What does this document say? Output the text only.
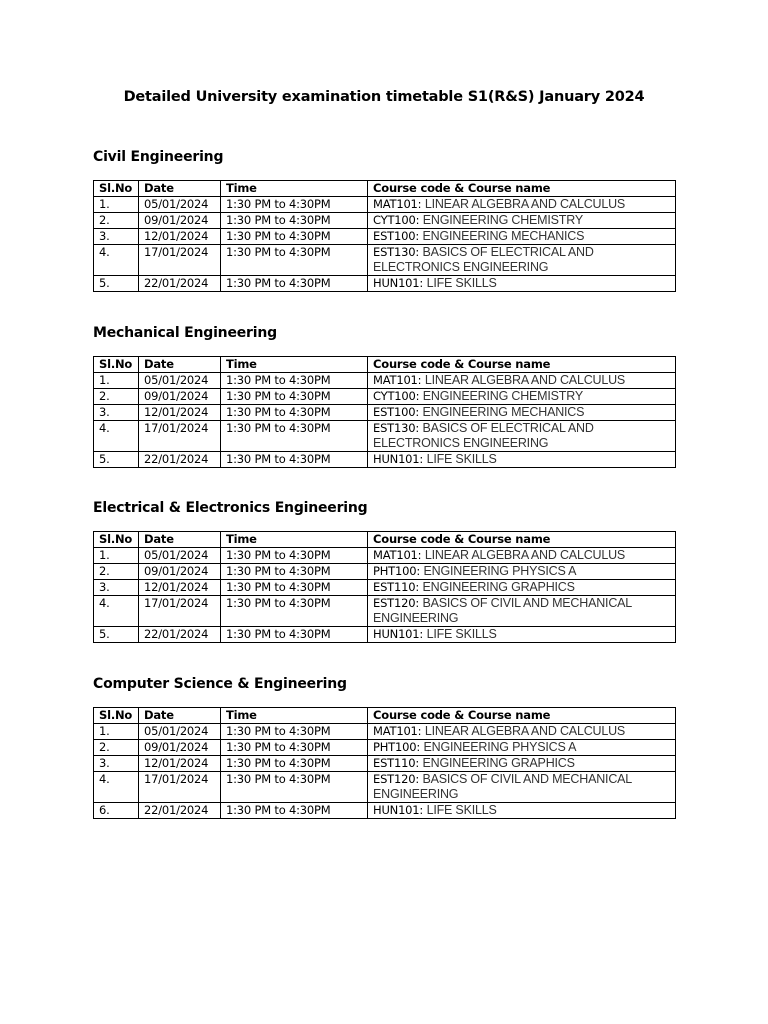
Detailed University examination timetable S1(R&S) January 2024
Civil Engineering
Sl.No	Date	Time	Course code & Course name
1.	05/01/2024	1:30 PM to 4:30PM	MAT101: LINEAR ALGEBRA AND CALCULUS
2.	09/01/2024	1:30 PM to 4:30PM	CYT100: ENGINEERING CHEMISTRY
3.	12/01/2024	1:30 PM to 4:30PM	EST100: ENGINEERING MECHANICS
4.	17/01/2024	1:30 PM to 4:30PM	EST130: BASICS OF ELECTRICAL AND ELECTRONICS ENGINEERING
5.	22/01/2024	1:30 PM to 4:30PM	HUN101: LIFE SKILLS
Mechanical Engineering
Sl.No	Date	Time	Course code & Course name
1.	05/01/2024	1:30 PM to 4:30PM	MAT101: LINEAR ALGEBRA AND CALCULUS
2.	09/01/2024	1:30 PM to 4:30PM	CYT100: ENGINEERING CHEMISTRY
3.	12/01/2024	1:30 PM to 4:30PM	EST100: ENGINEERING MECHANICS
4.	17/01/2024	1:30 PM to 4:30PM	EST130: BASICS OF ELECTRICAL AND ELECTRONICS ENGINEERING
5.	22/01/2024	1:30 PM to 4:30PM	HUN101: LIFE SKILLS
Electrical & Electronics Engineering
Sl.No	Date	Time	Course code & Course name
1.	05/01/2024	1:30 PM to 4:30PM	MAT101: LINEAR ALGEBRA AND CALCULUS
2.	09/01/2024	1:30 PM to 4:30PM	PHT100: ENGINEERING PHYSICS A
3.	12/01/2024	1:30 PM to 4:30PM	EST110: ENGINEERING GRAPHICS
4.	17/01/2024	1:30 PM to 4:30PM	EST120: BASICS OF CIVIL AND MECHANICAL ENGINEERING
5.	22/01/2024	1:30 PM to 4:30PM	HUN101: LIFE SKILLS
Computer Science & Engineering
Sl.No	Date	Time	Course code & Course name
1.	05/01/2024	1:30 PM to 4:30PM	MAT101: LINEAR ALGEBRA AND CALCULUS
2.	09/01/2024	1:30 PM to 4:30PM	PHT100: ENGINEERING PHYSICS A
3.	12/01/2024	1:30 PM to 4:30PM	EST110: ENGINEERING GRAPHICS
4.	17/01/2024	1:30 PM to 4:30PM	EST120: BASICS OF CIVIL AND MECHANICAL ENGINEERING
6.	22/01/2024	1:30 PM to 4:30PM	HUN101: LIFE SKILLS
